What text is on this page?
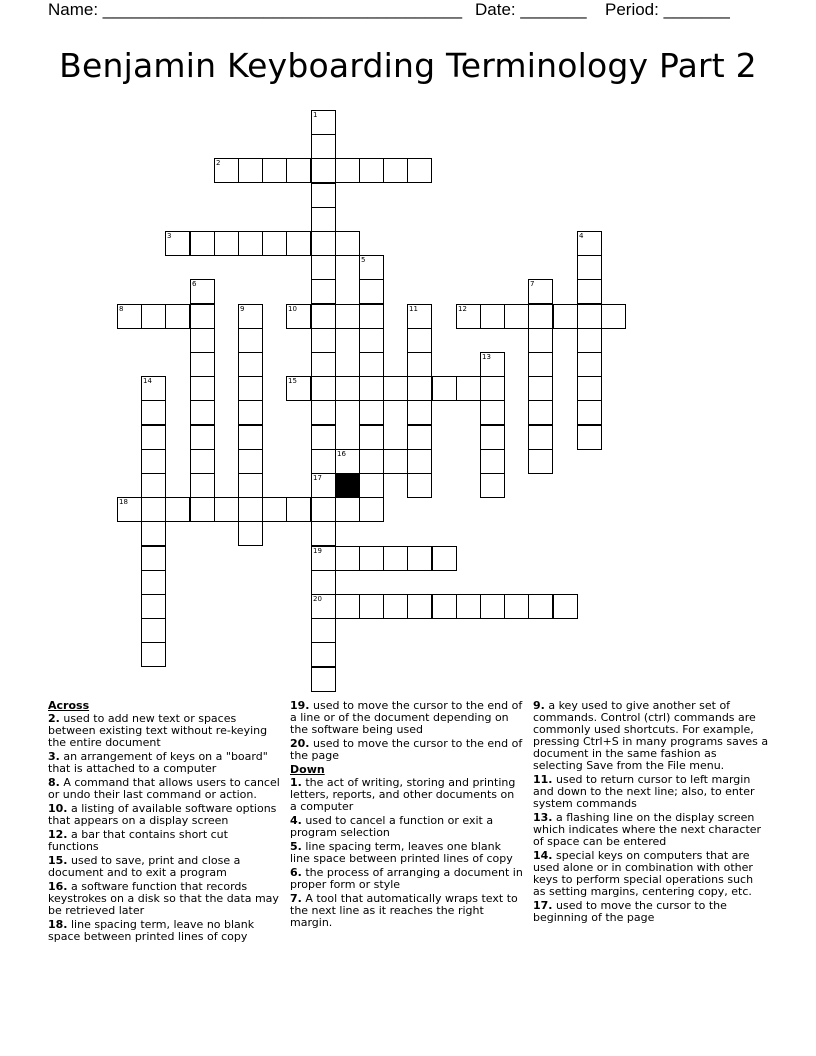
Name: ______________________________________ Date: _______ Period: _______
Benjamin Keyboarding Terminology Part 2
1
17
19
20
2
3	4
5
6	7
8	9	10	11	12
13
14	15
16
18
Across
2. used to add new text or spaces between existing text without re-keying the entire document
3. an arrangement of keys on a "board" that is attached to a computer
8. A command that allows users to cancel or undo their last command or action.
10. a listing of available software options that appears on a display screen
12. a bar that contains short cut functions
15. used to save, print and close a document and to exit a program
16. a software function that records keystrokes on a disk so that the data may be retrieved later
18. line spacing term, leave no blank space between printed lines of copy
19. used to move the cursor to the end of a line or of the document depending on the software being used
20. used to move the cursor to the end of the page
Down
1. the act of writing, storing and printing letters, reports, and other documents on a computer
4. used to cancel a function or exit a program selection
5. line spacing term, leaves one blank line space between printed lines of copy
6. the process of arranging a document in proper form or style
7. A tool that automatically wraps text to the next line as it reaches the right margin.
9. a key used to give another set of commands. Control (ctrl) commands are commonly used shortcuts. For example, pressing Ctrl+S in many programs saves a document in the same fashion as selecting Save from the File menu.
11. used to return cursor to left margin and down to the next line; also, to enter system commands
13. a flashing line on the display screen which indicates where the next character of space can be entered
14. special keys on computers that are used alone or in combination with other keys to perform special operations such as setting margins, centering copy, etc.
17. used to move the cursor to the beginning of the page
